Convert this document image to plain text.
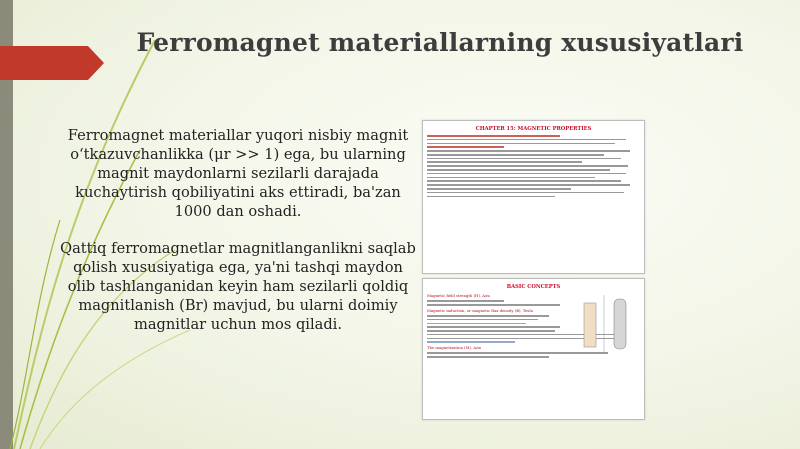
Ferromagnet materiallarning xususiyatlari

Ferromagnet materiallar yuqori nisbiy magnit o‘tkazuvchanlikka (μr >> 1) ega, bu ularning magnit maydonlarni sezilarli darajada kuchaytirish qobiliyatini aks ettiradi, ba'zan 1000 dan oshadi.

Qattiq ferromagnetlar magnitlanganlikni saqlab qolish xususiyatiga ega, ya'ni tashqi maydon olib tashlanganidan keyin ham sezilarli qoldiq magnitlanish (Br) mavjud, bu ularni doimiy magnitlar uchun mos qiladi.

CHAPTER 15: MAGNETIC PROPERTIES
BASIC CONCEPTS
Magnetic field strength (H), A/m
Magnetic induction, or magnetic flux density (B), Tesla
The magnetization (M), A/m
